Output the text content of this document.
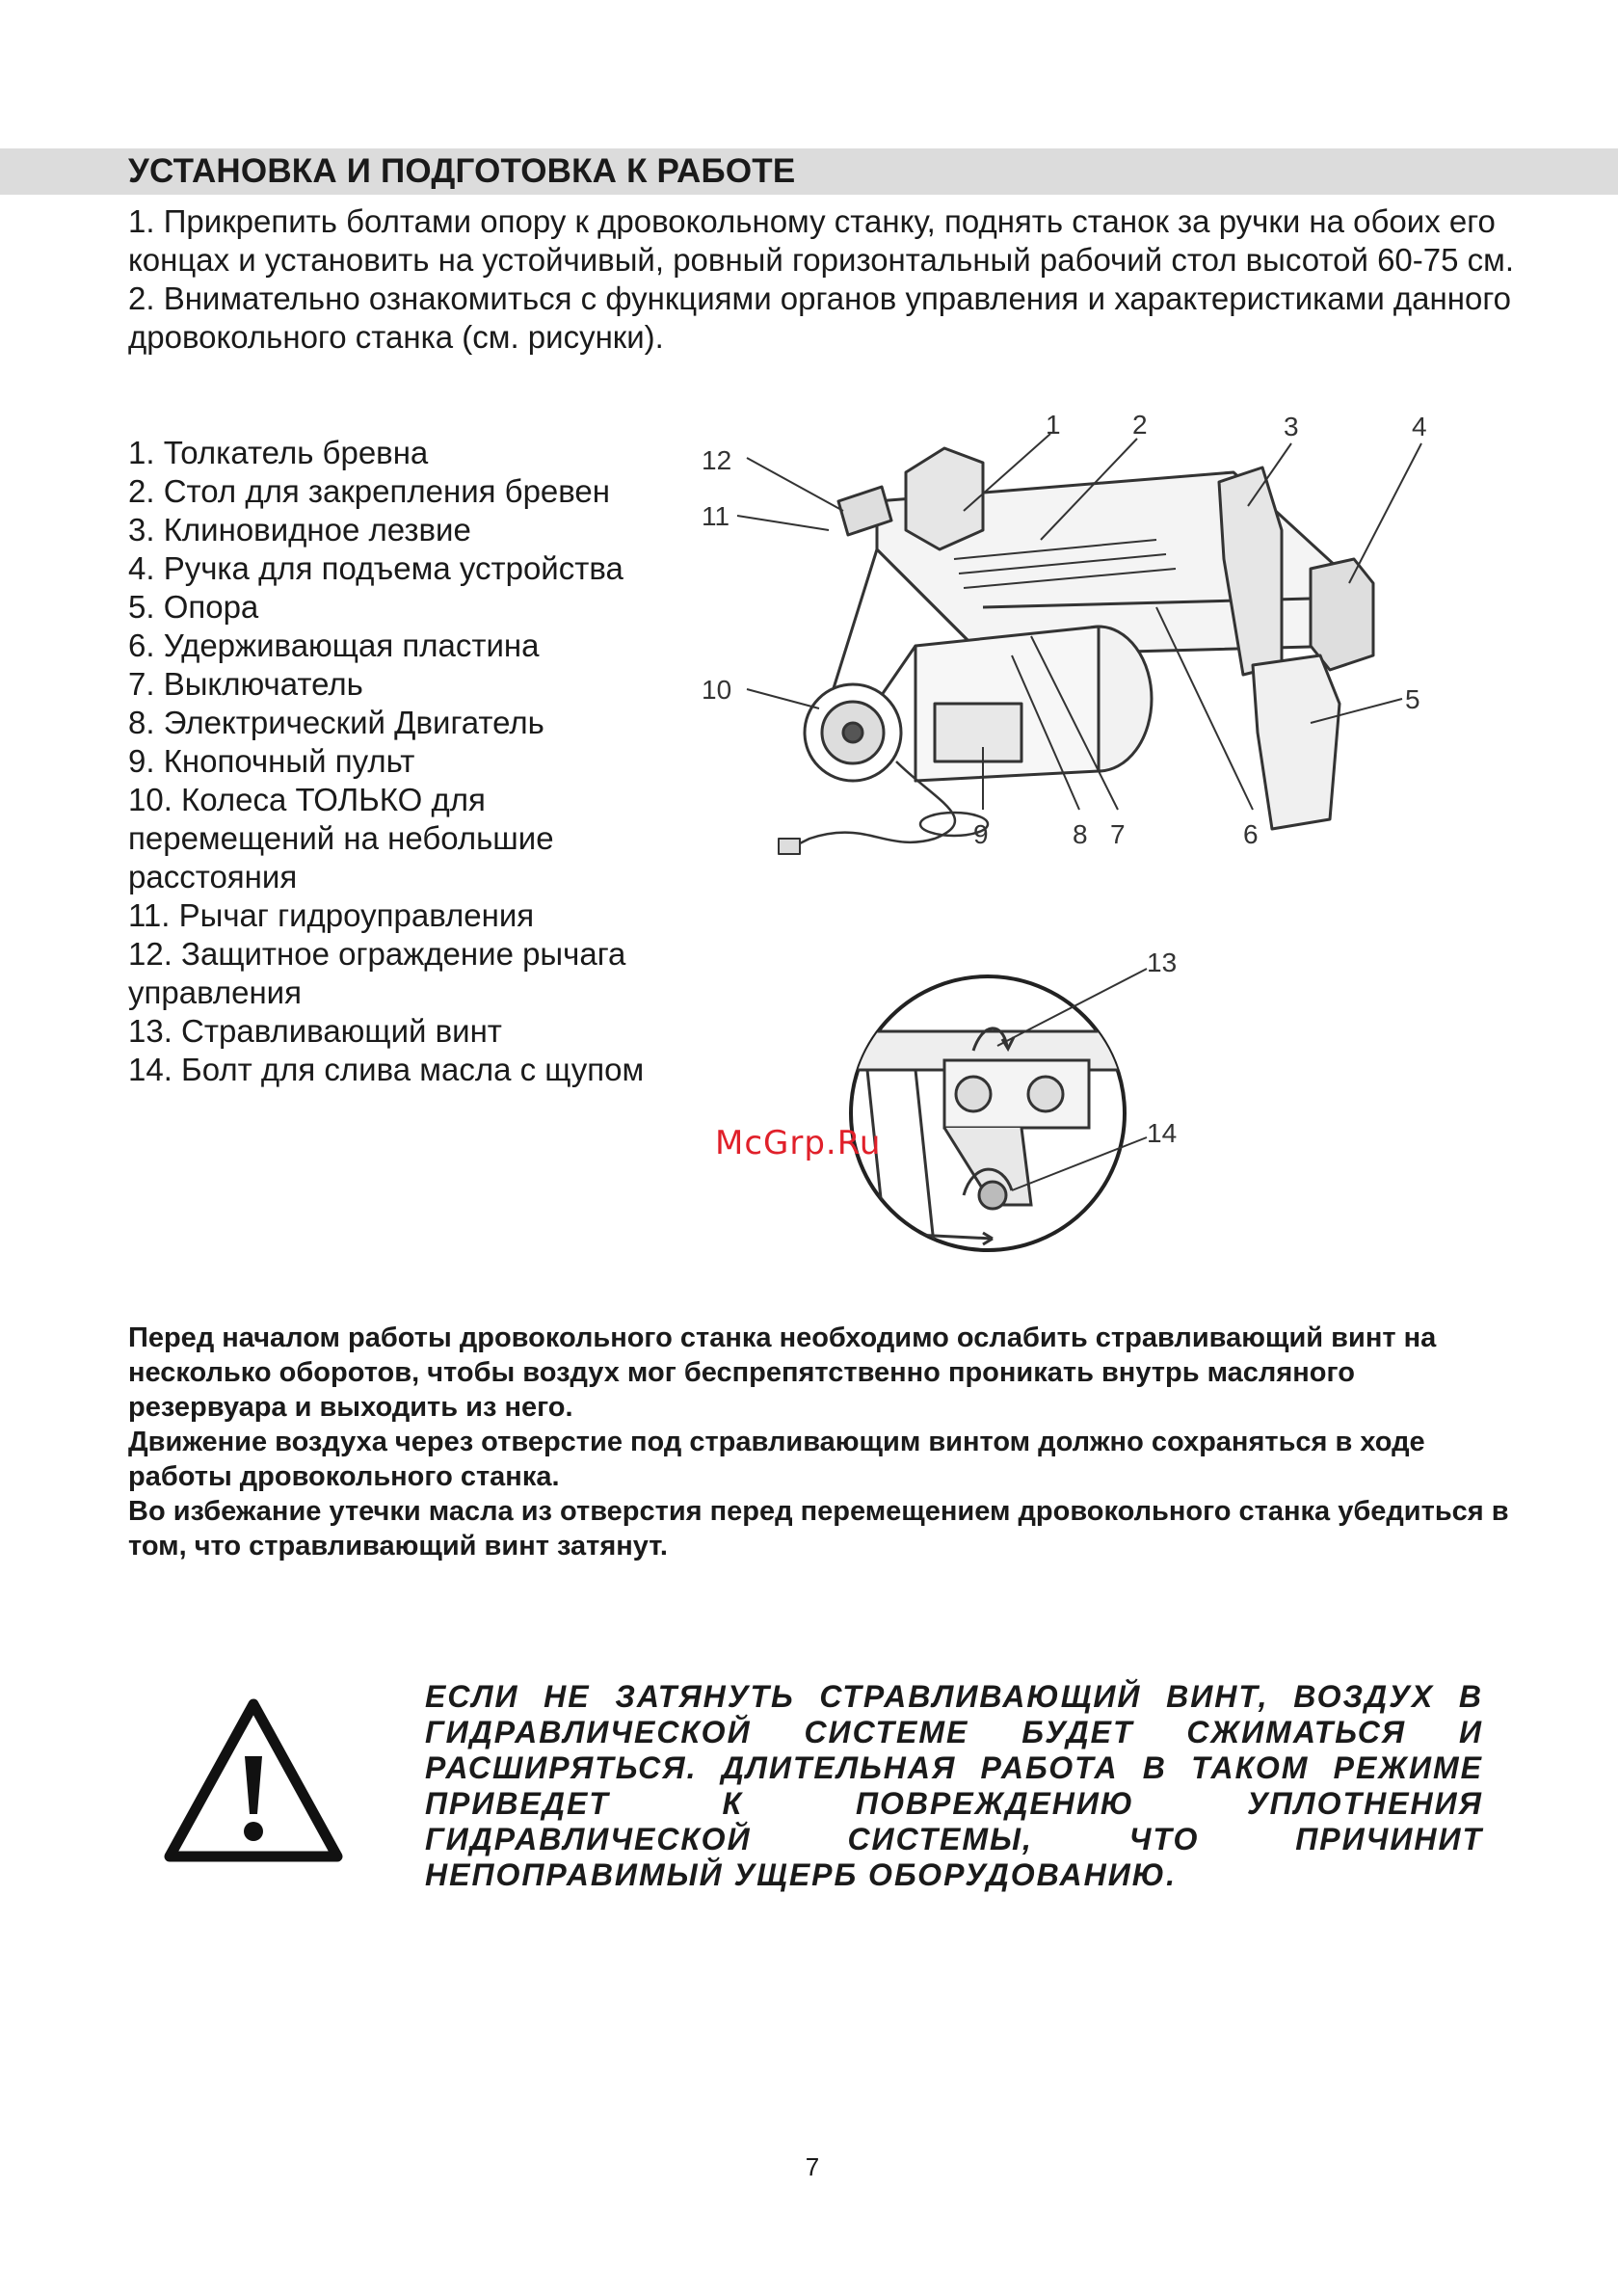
УСТАНОВКА И ПОДГОТОВКА К РАБОТЕ

1. Прикрепить болтами опору к дровокольному станку, поднять станок за ручки на обоих его концах и установить на устойчивый, ровный горизонтальный рабочий стол высотой 60-75 см.

2. Внимательно ознакомиться с функциями органов управления и характеристиками данного дровокольного станка (см. рисунки).

1. Толкатель бревна
2. Стол для закрепления бревен
3. Клиновидное лезвие
4. Ручка для подъема устройства
5. Опора
6. Удерживающая пластина
7. Выключатель
8. Электрический Двигатель
9. Кнопочный пульт
10. Колеса ТОЛЬКО для перемещений на небольшие расстояния
11. Рычаг гидроуправления
12. Защитное ограждение рычага управления
13. Стравливающий винт
14. Болт для слива масла с щупом
1	2	3	4
5
6
7
8
9
10
11
12
13
14
McGrp.Ru

Перед началом работы дровокольного станка необходимо ослабить стравливающий винт на несколько оборотов, чтобы воздух мог беспрепятственно проникать внутрь масляного резервуара и выходить из него.

Движение воздуха через отверстие под стравливающим винтом должно сохраняться в ходе работы дровокольного станка.

Во избежание утечки масла из отверстия перед перемещением дровокольного станка убедиться в том, что стравливающий винт затянут.

ЕСЛИ НЕ ЗАТЯНУТЬ СТРАВЛИВАЮЩИЙ ВИНТ, ВОЗДУХ В ГИДРАВЛИЧЕСКОЙ СИСТЕМЕ БУДЕТ СЖИМАТЬСЯ И РАСШИРЯТЬСЯ. ДЛИТЕЛЬНАЯ РАБОТА В ТАКОМ РЕЖИМЕ ПРИВЕДЕТ К ПОВРЕЖДЕНИЮ УПЛОТНЕНИЯ ГИДРАВЛИЧЕСКОЙ СИСТЕМЫ, ЧТО ПРИЧИНИТ НЕПОПРАВИМЫЙ УЩЕРБ ОБОРУДОВАНИЮ.
7
